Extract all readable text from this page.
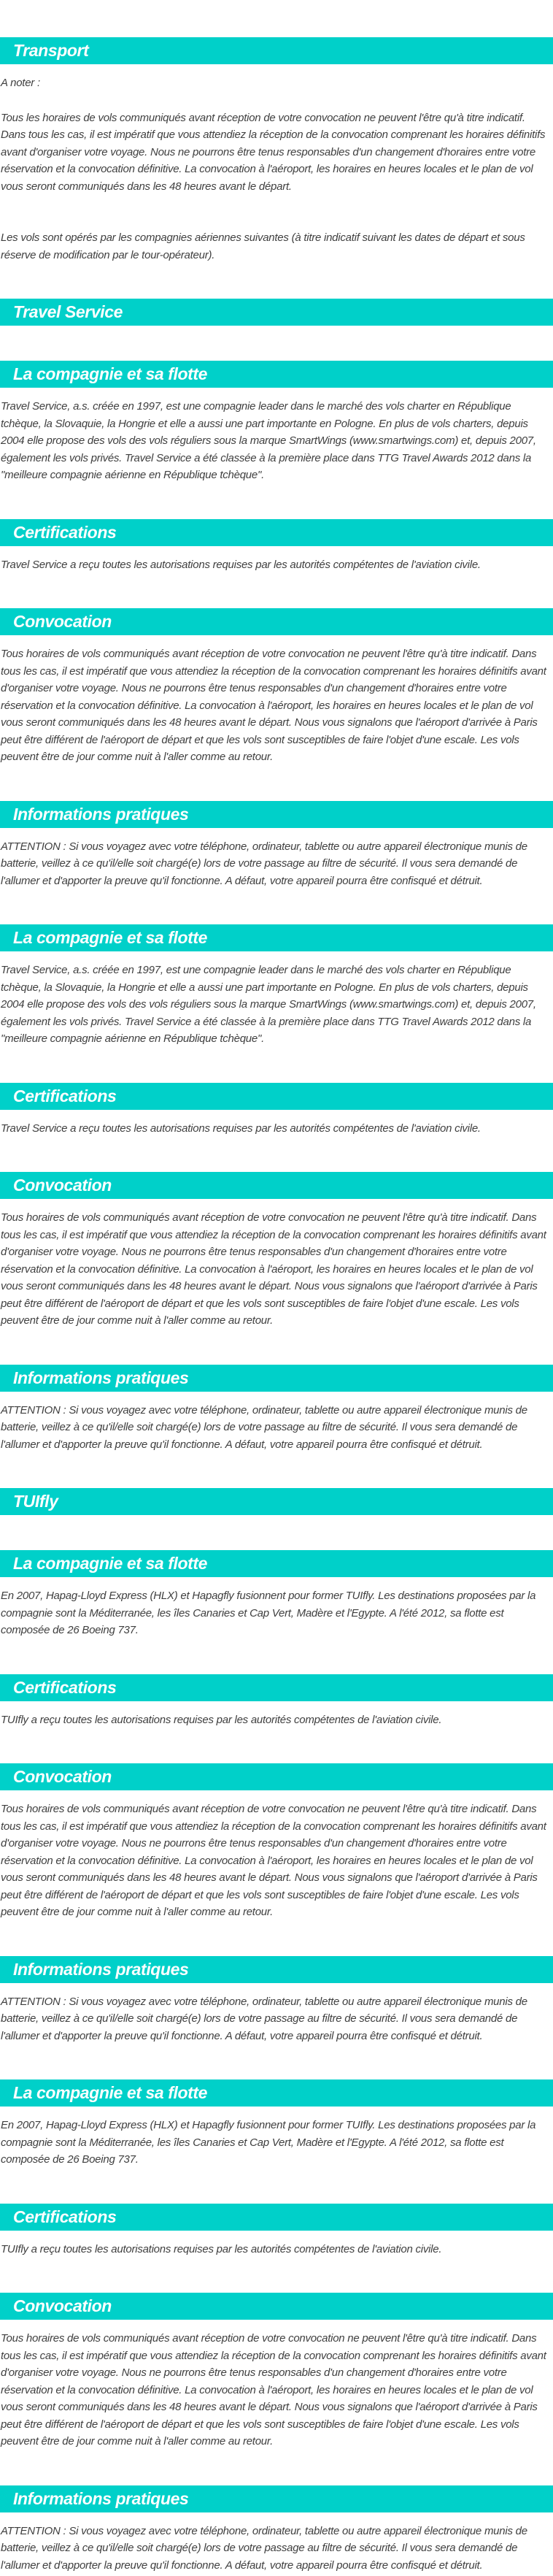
Transport

A noter :

Tous les horaires de vols communiqués avant réception de votre convocation ne peuvent l'être qu'à titre indicatif. Dans tous les cas, il est impératif que vous attendiez la réception de la convocation comprenant les horaires définitifs avant d'organiser votre voyage. Nous ne pourrons être tenus responsables d'un changement d'horaires entre votre réservation et la convocation définitive. La convocation à l'aéroport, les horaires en heures locales et le plan de vol vous seront communiqués dans les 48 heures avant le départ.

Les vols sont opérés par les compagnies aériennes suivantes (à titre indicatif suivant les dates de départ et sous réserve de modification par le tour-opérateur).

Travel Service
La compagnie et sa flotte

Travel Service, a.s. créée en 1997, est une compagnie leader dans le marché des vols charter en République tchèque, la Slovaquie, la Hongrie et elle a aussi une part importante en Pologne. En plus de vols charters, depuis 2004 elle propose des vols des vols réguliers sous la marque SmartWings (www.smartwings.com) et, depuis 2007, également les vols privés. Travel Service a été classée à la première place dans TTG Travel Awards 2012 dans la "meilleure compagnie aérienne en République tchèque".

Certifications

Travel Service a reçu toutes les autorisations requises par les autorités compétentes de l'aviation civile.

Convocation

Tous horaires de vols communiqués avant réception de votre convocation ne peuvent l'être qu'à titre indicatif. Dans tous les cas, il est impératif que vous attendiez la réception de la convocation comprenant les horaires définitifs avant d'organiser votre voyage. Nous ne pourrons être tenus responsables d'un changement d'horaires entre votre réservation et la convocation définitive. La convocation à l'aéroport, les horaires en heures locales et le plan de vol vous seront communiqués dans les 48 heures avant le départ. Nous vous signalons que l'aéroport d'arrivée à Paris peut être différent de l'aéroport de départ et que les vols sont susceptibles de faire l'objet d'une escale. Les vols peuvent être de jour comme nuit à l'aller comme au retour.

Informations pratiques

ATTENTION : Si vous voyagez avec votre téléphone, ordinateur, tablette ou autre appareil électronique munis de batterie, veillez à ce qu'il/elle soit chargé(e) lors de votre passage au filtre de sécurité. Il vous sera demandé de l'allumer et d'apporter la preuve qu'il fonctionne. A défaut, votre appareil pourra être confisqué et détruit.

La compagnie et sa flotte

Travel Service, a.s. créée en 1997, est une compagnie leader dans le marché des vols charter en République tchèque, la Slovaquie, la Hongrie et elle a aussi une part importante en Pologne. En plus de vols charters, depuis 2004 elle propose des vols des vols réguliers sous la marque SmartWings (www.smartwings.com) et, depuis 2007, également les vols privés. Travel Service a été classée à la première place dans TTG Travel Awards 2012 dans la "meilleure compagnie aérienne en République tchèque".

Certifications

Travel Service a reçu toutes les autorisations requises par les autorités compétentes de l'aviation civile.

Convocation

Tous horaires de vols communiqués avant réception de votre convocation ne peuvent l'être qu'à titre indicatif. Dans tous les cas, il est impératif que vous attendiez la réception de la convocation comprenant les horaires définitifs avant d'organiser votre voyage. Nous ne pourrons être tenus responsables d'un changement d'horaires entre votre réservation et la convocation définitive. La convocation à l'aéroport, les horaires en heures locales et le plan de vol vous seront communiqués dans les 48 heures avant le départ. Nous vous signalons que l'aéroport d'arrivée à Paris peut être différent de l'aéroport de départ et que les vols sont susceptibles de faire l'objet d'une escale. Les vols peuvent être de jour comme nuit à l'aller comme au retour.

Informations pratiques

ATTENTION : Si vous voyagez avec votre téléphone, ordinateur, tablette ou autre appareil électronique munis de batterie, veillez à ce qu'il/elle soit chargé(e) lors de votre passage au filtre de sécurité. Il vous sera demandé de l'allumer et d'apporter la preuve qu'il fonctionne. A défaut, votre appareil pourra être confisqué et détruit.

TUIfly
La compagnie et sa flotte

En 2007, Hapag-Lloyd Express (HLX) et Hapagfly fusionnent pour former TUIfly. Les destinations proposées par la compagnie sont la Méditerranée, les îles Canaries et Cap Vert, Madère et l'Egypte. A l'été 2012, sa flotte est composée de 26 Boeing 737.

Certifications

TUIfly a reçu toutes les autorisations requises par les autorités compétentes de l'aviation civile.

Convocation

Tous horaires de vols communiqués avant réception de votre convocation ne peuvent l'être qu'à titre indicatif. Dans tous les cas, il est impératif que vous attendiez la réception de la convocation comprenant les horaires définitifs avant d'organiser votre voyage. Nous ne pourrons être tenus responsables d'un changement d'horaires entre votre réservation et la convocation définitive. La convocation à l'aéroport, les horaires en heures locales et le plan de vol vous seront communiqués dans les 48 heures avant le départ. Nous vous signalons que l'aéroport d'arrivée à Paris peut être différent de l'aéroport de départ et que les vols sont susceptibles de faire l'objet d'une escale. Les vols peuvent être de jour comme nuit à l'aller comme au retour.

Informations pratiques

ATTENTION : Si vous voyagez avec votre téléphone, ordinateur, tablette ou autre appareil électronique munis de batterie, veillez à ce qu'il/elle soit chargé(e) lors de votre passage au filtre de sécurité. Il vous sera demandé de l'allumer et d'apporter la preuve qu'il fonctionne. A défaut, votre appareil pourra être confisqué et détruit.

La compagnie et sa flotte

En 2007, Hapag-Lloyd Express (HLX) et Hapagfly fusionnent pour former TUIfly. Les destinations proposées par la compagnie sont la Méditerranée, les îles Canaries et Cap Vert, Madère et l'Egypte. A l'été 2012, sa flotte est composée de 26 Boeing 737.

Certifications

TUIfly a reçu toutes les autorisations requises par les autorités compétentes de l'aviation civile.

Convocation

Tous horaires de vols communiqués avant réception de votre convocation ne peuvent l'être qu'à titre indicatif. Dans tous les cas, il est impératif que vous attendiez la réception de la convocation comprenant les horaires définitifs avant d'organiser votre voyage. Nous ne pourrons être tenus responsables d'un changement d'horaires entre votre réservation et la convocation définitive. La convocation à l'aéroport, les horaires en heures locales et le plan de vol vous seront communiqués dans les 48 heures avant le départ. Nous vous signalons que l'aéroport d'arrivée à Paris peut être différent de l'aéroport de départ et que les vols sont susceptibles de faire l'objet d'une escale. Les vols peuvent être de jour comme nuit à l'aller comme au retour.

Informations pratiques

ATTENTION : Si vous voyagez avec votre téléphone, ordinateur, tablette ou autre appareil électronique munis de batterie, veillez à ce qu'il/elle soit chargé(e) lors de votre passage au filtre de sécurité. Il vous sera demandé de l'allumer et d'apporter la preuve qu'il fonctionne. A défaut, votre appareil pourra être confisqué et détruit.
